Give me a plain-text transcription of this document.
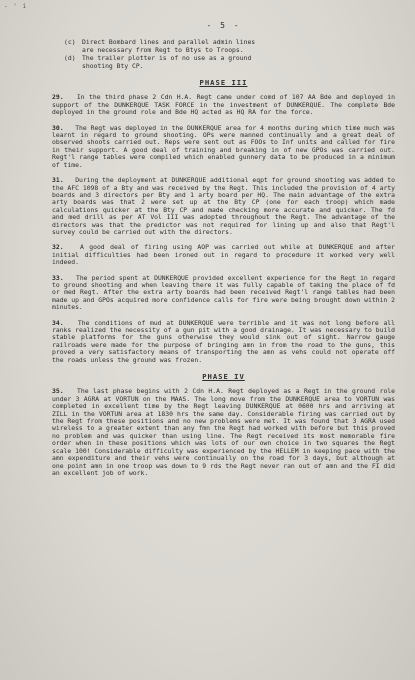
- ' i
- 5 -
(c)	Direct Bombard lines and parallel admin lines
are necessary from Regt to Btys to Troops.
(d)	The trailer plotter is of no use as a ground
shooting Bty CP.
PHASE III

29. In the third phase 2 Cdn H.A. Regt came under comd of 107 AA Bde and deployed in support of the DUNKERQUE TASK FORCE in the investment of DUNKERQUE. The complete Bde deployed in the ground role and Bde HQ acted as HQ RA for the force.

30. The Regt was deployed in the DUNKERQUE area for 4 months during which time much was learnt in regard to ground shooting. OPs were manned continually and a great deal of observed shoots carried out. Reps were sent out as FOOs to Inf units and called for fire in their support. A good deal of training and breaking in of new GPOs was carried out. Regt'l range tables were compiled which enabled gunnery data to be produced in a minimum of time.

31. During the deployment at DUNKERQUE additional eqpt for ground shooting was added to the AFC 1098 of a Bty and was received by the Regt. This included the provision of 4 arty boards and 3 directors per Bty and 1 arty board per HQ. The main advantage of the extra arty boards was that 2 were set up at the Bty CP (one for each troop) which made calculations quicker at the Bty CP and made checking more accurate and quicker. The fd and med drill as per AT Vol III was adopted throughout the Regt. The advantage of the directors was that the predictor was not required for lining up and also that Regt'l survey could be carried out with the directors.

32.	A good deal of firing using AOP was carried out while at DUNKERQUE and after initial difficulties had been ironed out in regard to procedure it worked very well indeed.

33. The period spent at DUNKERQUE provided excellent experience for the Regt in regard to ground shooting and when leaving there it was fully capable of taking the place of fd or med Regt. After the extra arty boards had been received Regt'l range tables had been made up and GPOs acquired more confidence calls for fire were being brought down within 2 minutes.

34. The conditions of mud at DUNKERQUE were terrible and it was not long before all ranks realized the necessity of a gun pit with a good drainage. It was necessary to build stable platforms for the guns otherwise they would sink out of sight. Narrow gauge railroads were made for the purpose of bringing amn in from the road to the guns, this proved a very satisfactory means of transporting the amn as vehs could not operate off the roads unless the ground was frozen.

PHASE IV

35. The last phase begins with 2 Cdn H.A. Regt deployed as a Regt in the ground role under 3 AGRA at VORTUN on the MAAS. The long move from the DUNKERQUE area to VORTUN was completed in excellent time by the Regt leaving DUNKERQUE at 0600 hrs and arriving at ZILL in the VORTUN area at 1830 hrs the same day. Considerable firing was carried out by the Regt from these positions and no new problems were met. It was found that 3 AGRA used wireless to a greater extent than any fmn the Regt had worked with before but this proved no problem and was quicker than using line. The Regt received its most memorable fire order when in these positions which was lots of our own choice in two squares the Regt scale 100! Considerable difficulty was experienced by the HELLEM in keeping pace with the amn expenditure and their vehs were continually on the road for 3 days, but although at one point amn in one troop was down to 9 rds the Regt never ran out of amn and the FI did an excellent job of work.
